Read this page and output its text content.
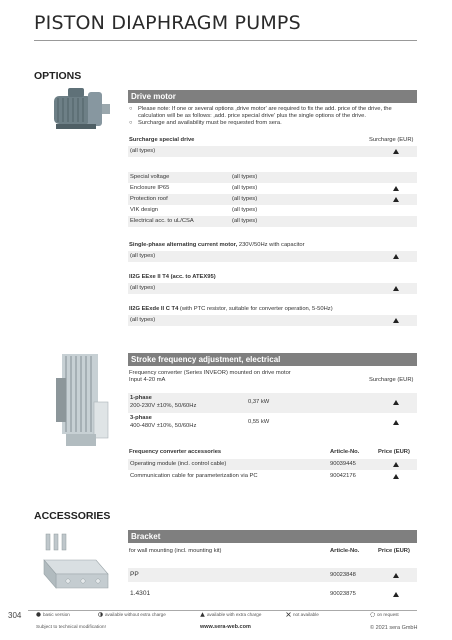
PISTON DIAPHRAGM PUMPS
OPTIONS
Drive motor
○ Please note: If one or several options ‚drive motor' are required to fix the add. price of the drive, the
calculation will be as follows: ‚add. price special drive' plus the single options of the drive.
○ Surcharge and availability must be requested from sera.
Surcharge special drive	Surcharge (EUR)
(all types)
Special voltage	(all types)
Enclosure IP65	(all types)
Protection roof	(all types)
VIK design	(all types)
Electrical acc. to uL/CSA	(all types)
Single-phase alternating current motor, 230V/50Hz with capacitor
(all types)
II2G EExe II T4 (acc. to ATEX95)
(all types)
II2G EExde II C T4 (with PTC resistor, suitable for converter operation, 5-50Hz)
(all types)
Stroke frequency adjustment, electrical
Frequency converter (Series INVEOR) mounted on drive motor
Input 4-20 mA	Surcharge (EUR)
1-phase
200-230V ±10%, 50/60Hz
0,37 kW
3-phase
400-480V ±10%, 50/60Hz
0,55 kW
Frequency converter accessories	Article-No.	Price (EUR)
Operating module (incl. control cable)	90039445
Communication cable for parameterization via PC	90042176
ACCESSORIES
Bracket
for wall mounting (incl. mounting kit)	Article-No.	Price (EUR)
PP	90023848
1.4301	90023875
304	basic version	available without extra charge	available with extra charge	not available	on request
Subject to technical modification!	www.sera-web.com	© 2021 sera GmbH
